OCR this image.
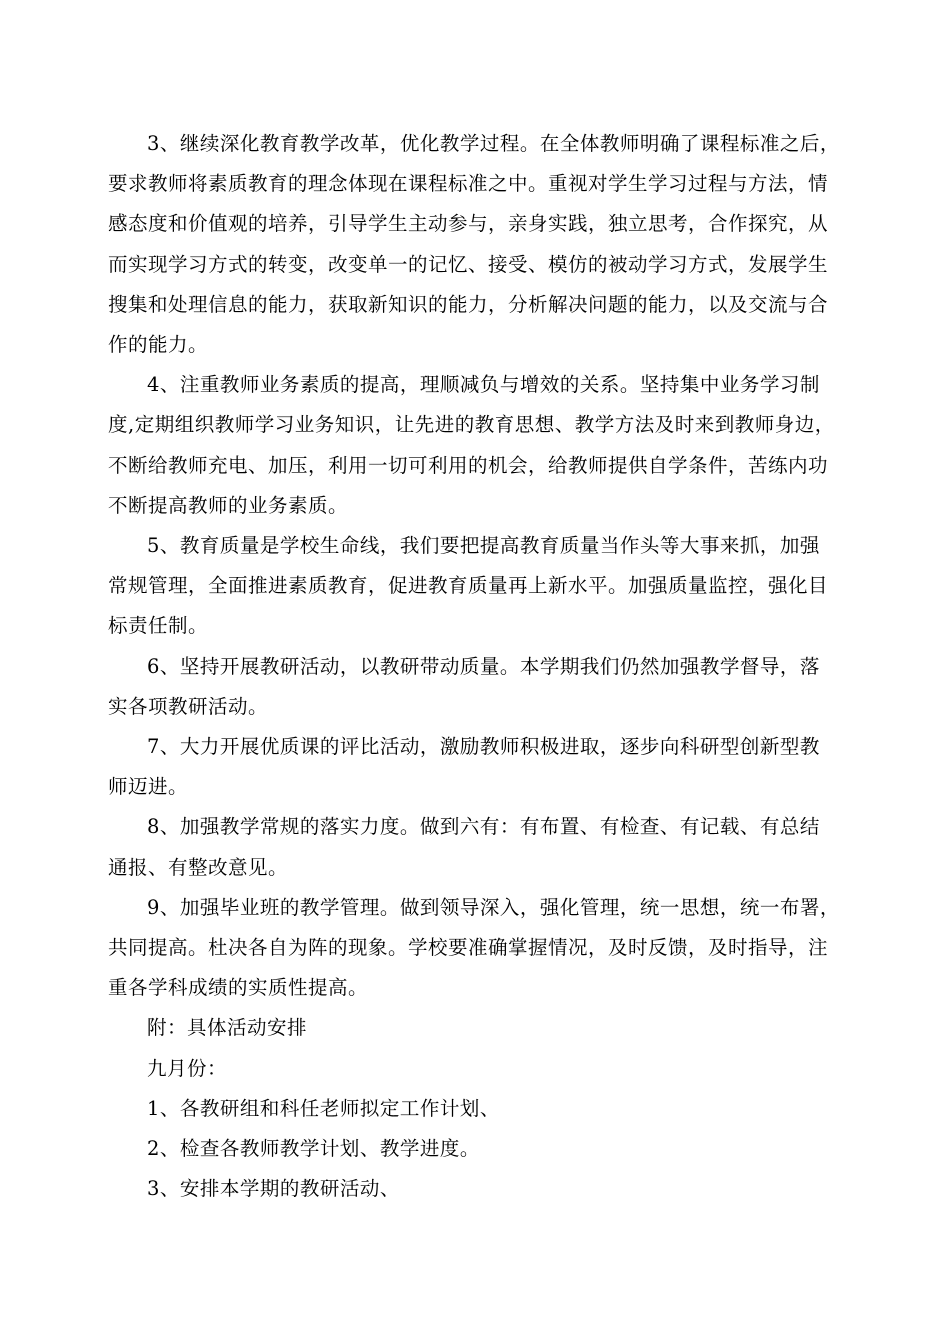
3、继续深化教育教学改革，优化教学过程。在全体教师明确了课程标准之后，
要求教师将素质教育的理念体现在课程标准之中。重视对学生学习过程与方法，情
感态度和价值观的培养，引导学生主动参与，亲身实践，独立思考，合作探究，从
而实现学习方式的转变，改变单一的记忆、接受、模仿的被动学习方式，发展学生
搜集和处理信息的能力，获取新知识的能力，分析解决问题的能力，以及交流与合
作的能力。
4、注重教师业务素质的提高，理顺减负与增效的关系。坚持集中业务学习制
度,定期组织教师学习业务知识，让先进的教育思想、教学方法及时来到教师身边，
不断给教师充电、加压，利用一切可利用的机会，给教师提供自学条件，苦练内功
不断提高教师的业务素质。
5、教育质量是学校生命线，我们要把提高教育质量当作头等大事来抓，加强
常规管理，全面推进素质教育，促进教育质量再上新水平。加强质量监控，强化目
标责任制。
6、坚持开展教研活动，以教研带动质量。本学期我们仍然加强教学督导，落
实各项教研活动。
7、大力开展优质课的评比活动，激励教师积极进取，逐步向科研型创新型教
师迈进。
8、加强教学常规的落实力度。做到六有：有布置、有检查、有记载、有总结
通报、有整改意见。
9、加强毕业班的教学管理。做到领导深入，强化管理，统一思想，统一布署，
共同提高。杜决各自为阵的现象。学校要准确掌握情况，及时反馈，及时指导，注
重各学科成绩的实质性提高。
附：具体活动安排
九月份：
1、各教研组和科任老师拟定工作计划、
2、检查各教师教学计划、教学进度。
3、安排本学期的教研活动、
